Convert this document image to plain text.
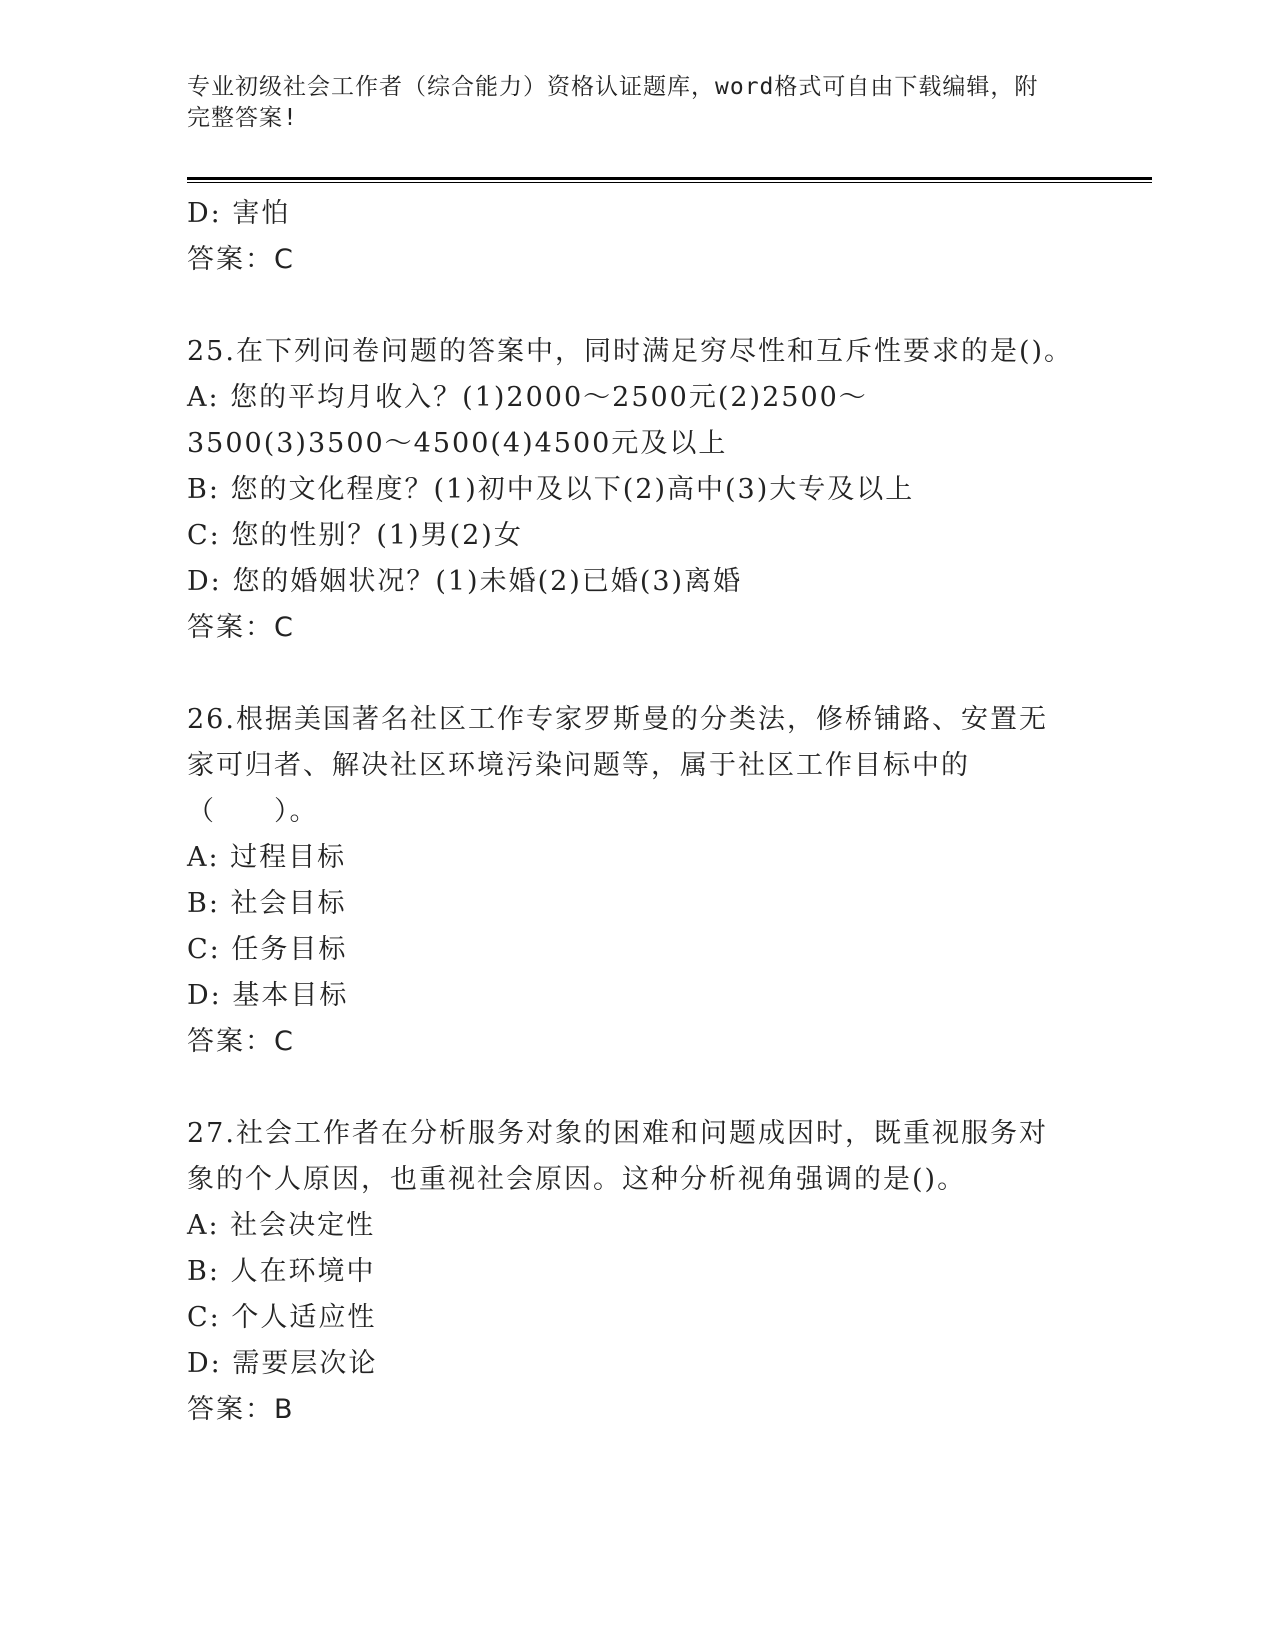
专业初级社会工作者（综合能力）资格认证题库，word格式可自由下载编辑，附
完整答案!
D: 害怕
答案：C
25.在下列问卷问题的答案中，同时满足穷尽性和互斥性要求的是()。
A: 您的平均月收入？(1)2000～2500元(2)2500～3500(3)3500～4500(4)4500元及以上
B: 您的文化程度？(1)初中及以下(2)高中(3)大专及以上
C: 您的性别？(1)男(2)女
D: 您的婚姻状况？(1)未婚(2)已婚(3)离婚
答案：C
26.根据美国著名社区工作专家罗斯曼的分类法，修桥铺路、安置无家可归者、解决社区环境污染问题等，属于社区工作目标中的（　　）。
A: 过程目标
B: 社会目标
C: 任务目标
D: 基本目标
答案：C
27.社会工作者在分析服务对象的困难和问题成因时，既重视服务对象的个人原因，也重视社会原因。这种分析视角强调的是()。
A: 社会决定性
B: 人在环境中
C: 个人适应性
D: 需要层次论
答案：B
